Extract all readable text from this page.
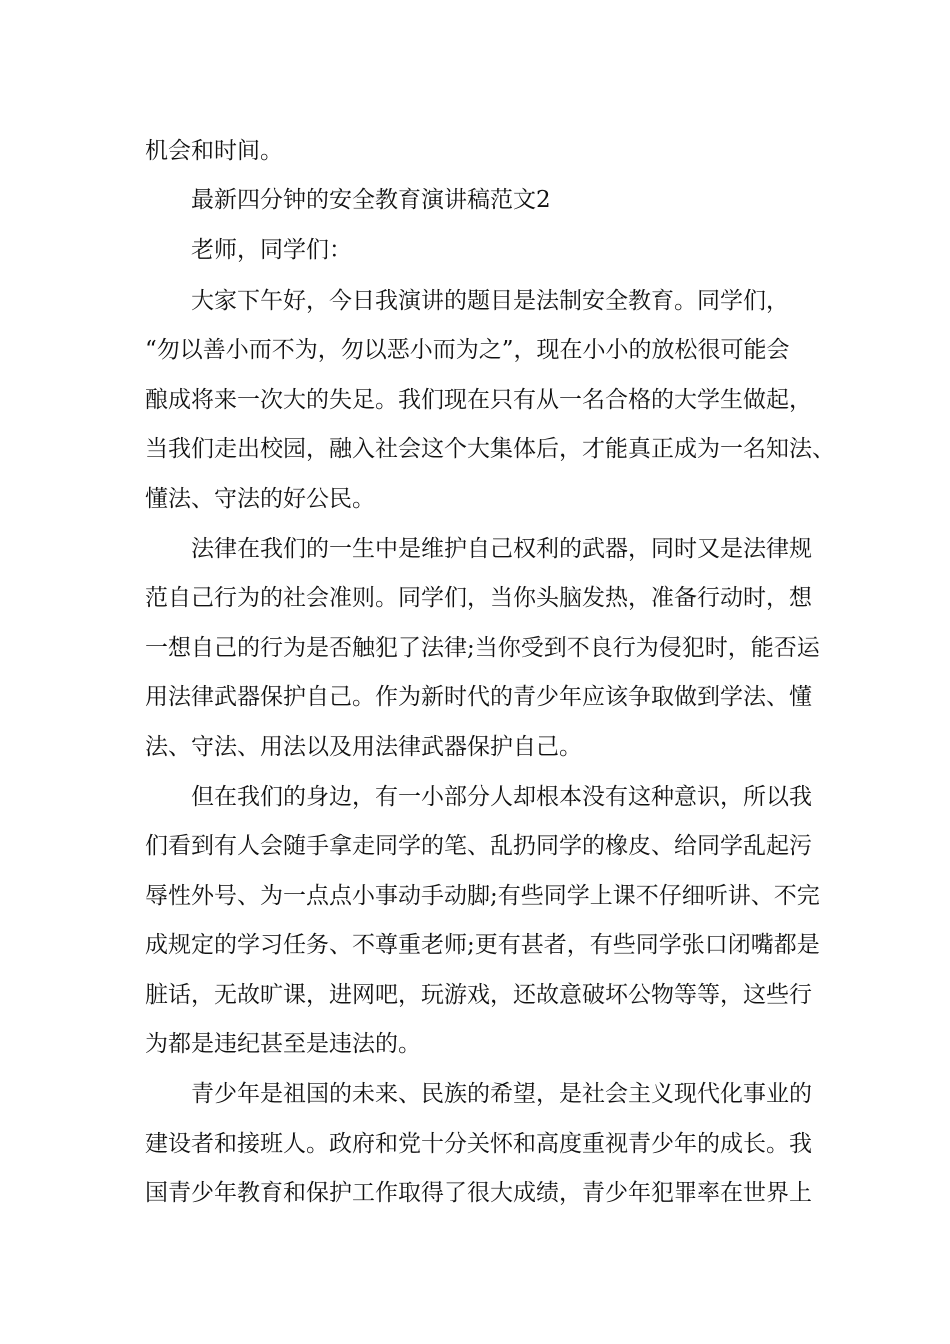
机会和时间。

最新四分钟的安全教育演讲稿范文2

老师，同学们：

大家下午好，今日我演讲的题目是法制安全教育。同学们，

“勿以善小而不为，勿以恶小而为之”，现在小小的放松很可能会

酿成将来一次大的失足。我们现在只有从一名合格的大学生做起，

当我们走出校园，融入社会这个大集体后，才能真正成为一名知法、

懂法、守法的好公民。

法律在我们的一生中是维护自己权利的武器，同时又是法律规

范自己行为的社会准则。同学们，当你头脑发热，准备行动时，想

一想自己的行为是否触犯了法律;当你受到不良行为侵犯时，能否运

用法律武器保护自己。作为新时代的青少年应该争取做到学法、懂

法、守法、用法以及用法律武器保护自己。

但在我们的身边，有一小部分人却根本没有这种意识，所以我

们看到有人会随手拿走同学的笔、乱扔同学的橡皮、给同学乱起污

辱性外号、为一点点小事动手动脚;有些同学上课不仔细听讲、不完

成规定的学习任务、不尊重老师;更有甚者，有些同学张口闭嘴都是

脏话，无故旷课，进网吧，玩游戏，还故意破坏公物等等，这些行

为都是违纪甚至是违法的。

青少年是祖国的未来、民族的希望，是社会主义现代化事业的

建设者和接班人。政府和党十分关怀和高度重视青少年的成长。我

国青少年教育和保护工作取得了很大成绩，青少年犯罪率在世界上
